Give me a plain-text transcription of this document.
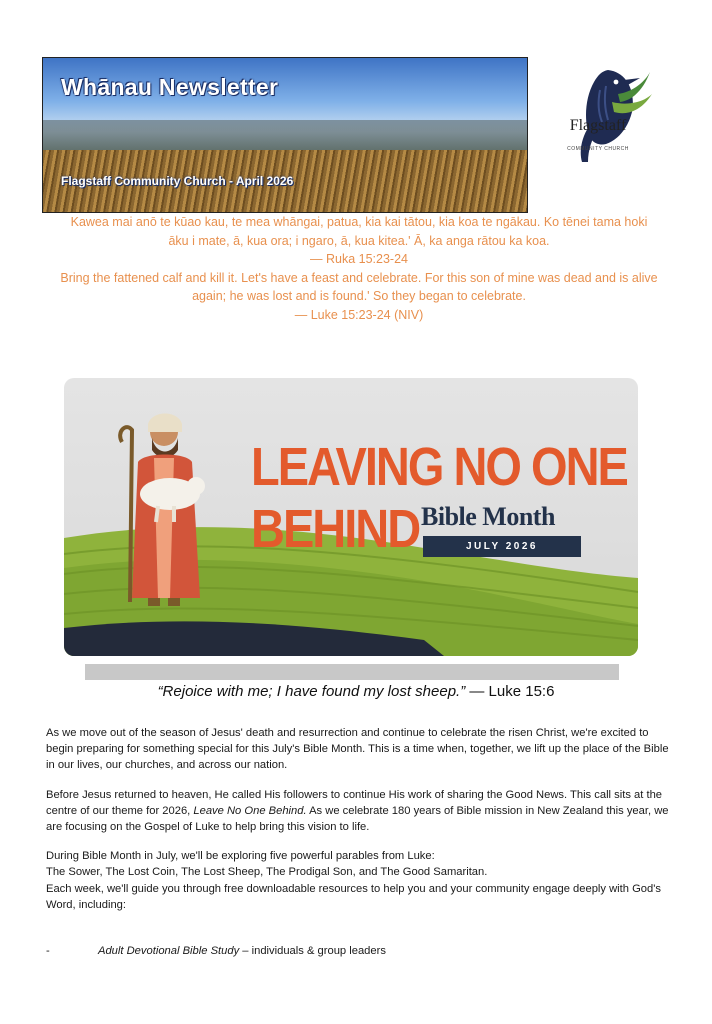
Whānau Newsletter
Flagstaff Community Church - April 2026
Flagstaff
COMMUNITY CHURCH

Kawea mai anō te kūao kau, te mea whāngai, patua, kia kai tātou, kia koa te ngākau. Ko tēnei tama hoki āku i mate, ā, kua ora; i ngaro, ā, kua kitea.' Ā, ka anga rātou ka koa.

— Ruka 15:23-24

Bring the fattened calf and kill it. Let's have a feast and celebrate. For this son of mine was dead and is alive again; he was lost and is found.' So they began to celebrate.

— Luke 15:23-24 (NIV)

LEAVING NO ONE
BEHIND Bible Month
JULY 2026
“Rejoice with me; I have found my lost sheep.” — Luke 15:6

As we move out of the season of Jesus' death and resurrection and continue to celebrate the risen Christ, we're excited to begin preparing for something special for this July's Bible Month. This is a time when, together, we lift up the place of the Bible in our lives, our churches, and across our nation.

Before Jesus returned to heaven, He called His followers to continue His work of sharing the Good News. This call sits at the centre of our theme for 2026, Leave No One Behind. As we celebrate 180 years of Bible mission in New Zealand this year, we are focusing on the Gospel of Luke to help bring this vision to life.

During Bible Month in July, we'll be exploring five powerful parables from Luke:
The Sower, The Lost Coin, The Lost Sheep, The Prodigal Son, and The Good Samaritan.
Each week, we'll guide you through free downloadable resources to help you and your community engage deeply with God's Word, including:

-	Adult Devotional Bible Study – individuals & group leaders
